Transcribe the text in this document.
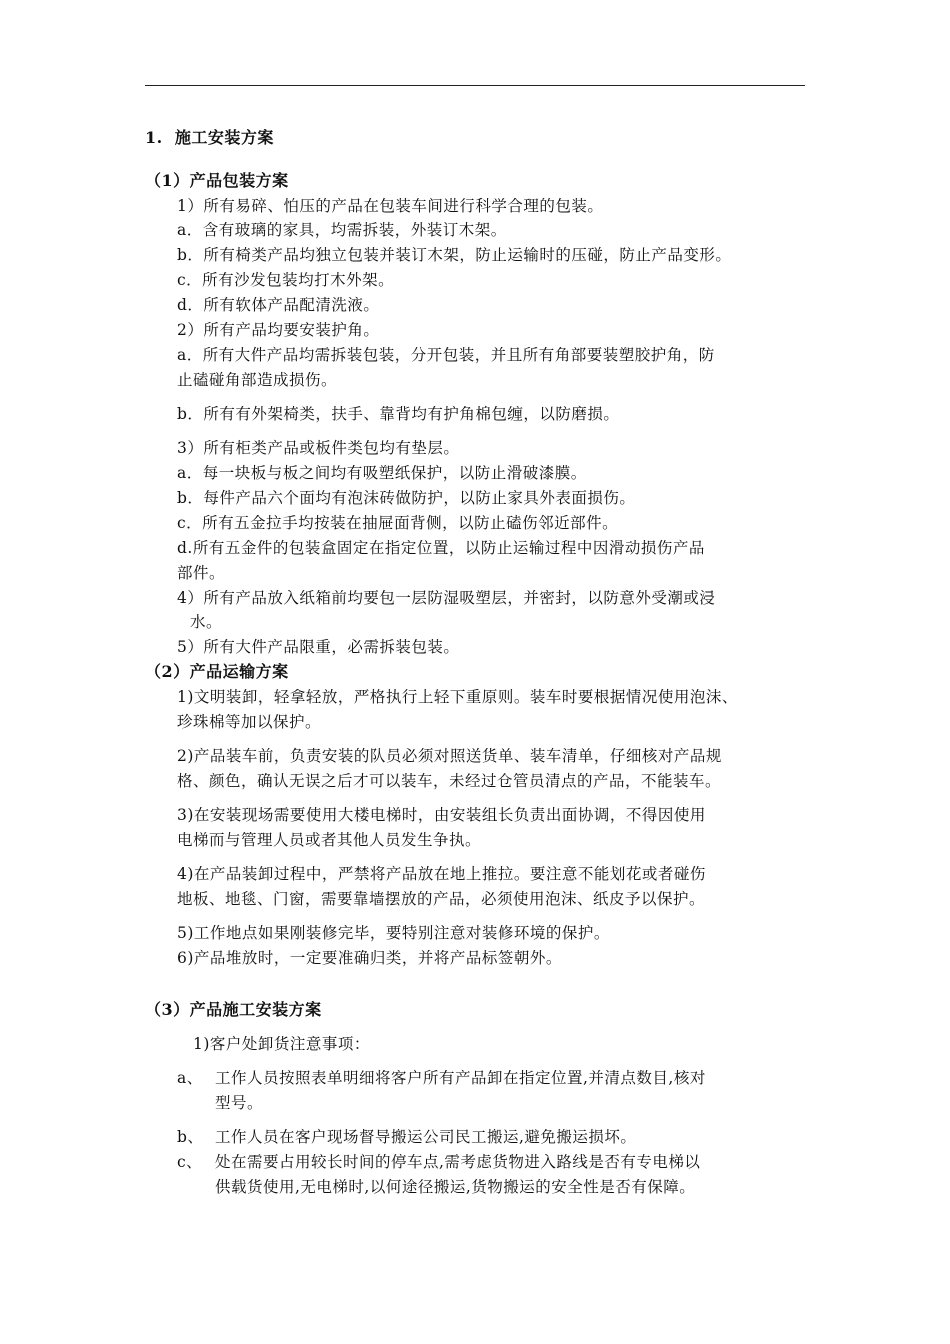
1. 施工安装方案
（1）产品包装方案
1）所有易碎、怕压的产品在包装车间进行科学合理的包装。
a．含有玻璃的家具，均需拆装，外装订木架。
b．所有椅类产品均独立包装并装订木架，防止运输时的压碰，防止产品变形。
c．所有沙发包装均打木外架。
d．所有软体产品配清洗液。
2）所有产品均要安装护角。
a．所有大件产品均需拆装包装，分开包装，并且所有角部要装塑胶护角，防
止磕碰角部造成损伤。
b．所有有外架椅类，扶手、靠背均有护角棉包缠，以防磨损。
3）所有柜类产品或板件类包均有垫层。
a．每一块板与板之间均有吸塑纸保护，以防止滑破漆膜。
b．每件产品六个面均有泡沫砖做防护，以防止家具外表面损伤。
c．所有五金拉手均按装在抽屉面背侧，以防止磕伤邻近部件。
d.所有五金件的包装盒固定在指定位置，以防止运输过程中因滑动损伤产品
部件。
4）所有产品放入纸箱前均要包一层防湿吸塑层，并密封，以防意外受潮或浸
水。
5）所有大件产品限重，必需拆装包装。
（2）产品运输方案
1)文明装卸，轻拿轻放，严格执行上轻下重原则。装车时要根据情况使用泡沫、
珍珠棉等加以保护。
2)产品装车前，负责安装的队员必须对照送货单、装车清单，仔细核对产品规
格、颜色，确认无误之后才可以装车，未经过仓管员清点的产品，不能装车。
3)在安装现场需要使用大楼电梯时，由安装组长负责出面协调，不得因使用
电梯而与管理人员或者其他人员发生争执。
4)在产品装卸过程中，严禁将产品放在地上推拉。要注意不能划花或者碰伤
地板、地毯、门窗，需要靠墙摆放的产品，必须使用泡沫、纸皮予以保护。
5)工作地点如果刚装修完毕，要特别注意对装修环境的保护。
6)产品堆放时，一定要准确归类，并将产品标签朝外。
（3）产品施工安装方案
1)客户处卸货注意事项：
a、 工作人员按照表单明细将客户所有产品卸在指定位置,并清点数目,核对
型号。
b、 工作人员在客户现场督导搬运公司民工搬运,避免搬运损坏。
c、 处在需要占用较长时间的停车点,需考虑货物进入路线是否有专电梯以
供载货使用,无电梯时,以何途径搬运,货物搬运的安全性是否有保障。
